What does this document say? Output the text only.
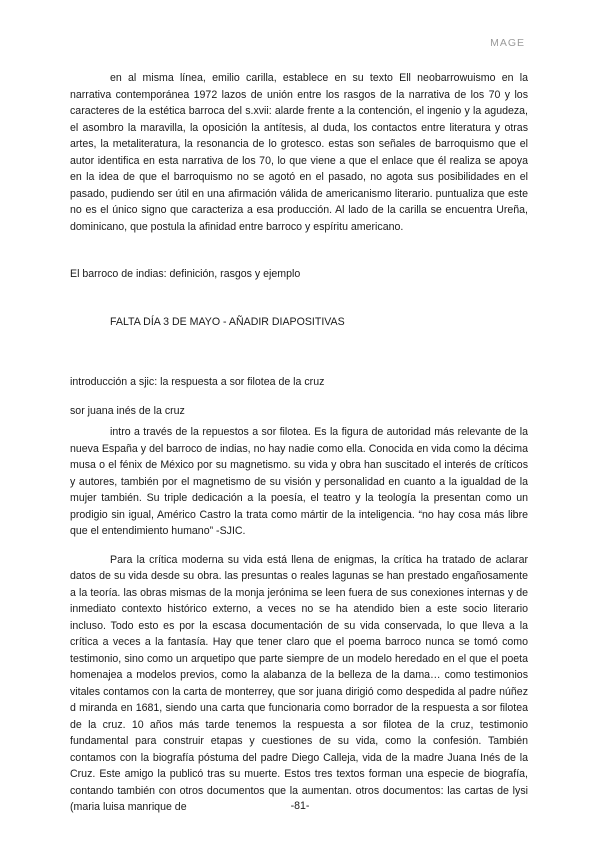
MAGE

en al misma línea, emilio carilla, establece en su texto Ell neobarrowuismo en la narrativa contemporánea 1972 lazos de unión entre los rasgos de la narrativa de los 70 y los caracteres de la estética barroca del s.xvii: alarde frente a la contención, el ingenio y la agudeza, el asombro la maravilla, la oposición la antítesis, al duda, los contactos entre literatura y otras artes, la metaliteratura, la resonancia de lo grotesco. estas son señales de barroquismo que el autor identifica en esta narrativa de los 70, lo que viene a que el enlace que él realiza se apoya en la idea de que el barroquismo no se agotó en el pasado, no agota sus posibilidades en el pasado, pudiendo ser útil en una afirmación válida de americanismo literario. puntualiza que este no es el único signo que caracteriza a esa producción. Al lado de la carilla se encuentra Ureña, dominicano, que postula la afinidad entre barroco y espíritu americano.

El barroco de indias: definición, rasgos y ejemplo

FALTA DÍA 3 DE MAYO - AÑADIR DIAPOSITIVAS

introducción a sjic: la respuesta a sor filotea de la cruz

sor juana inés de la cruz

intro a través de la repuestos a sor filotea. Es la figura de autoridad más relevante de la nueva España y del barroco de indias, no hay nadie como ella. Conocida en vida como la décima musa o el fénix de México por su magnetismo. su vida y obra han suscitado el interés de críticos y autores, también por el magnetismo de su visión y personalidad en cuanto a la igualdad de la mujer también. Su triple dedicación a la poesía, el teatro y la teología la presentan como un prodigio sin igual, Américo Castro la trata como mártir de la inteligencia. “no hay cosa más libre que el entendimiento humano” -SJIC.

Para la crítica moderna su vida está llena de enigmas, la crítica ha tratado de aclarar datos de su vida desde su obra. las presuntas o reales lagunas se han prestado engañosamente a la teoría. las obras mismas de la monja jerónima se leen fuera de sus conexiones internas y de inmediato contexto histórico externo, a veces no se ha atendido bien a este socio literario incluso. Todo esto es por la escasa documentación de su vida conservada, lo que lleva a la crítica a veces a la fantasía. Hay que tener claro que el poema barroco nunca se tomó como testimonio, sino como un arquetipo que parte siempre de un modelo heredado en el que el poeta homenajea a modelos previos, como la alabanza de la belleza de la dama… como testimonios vitales contamos con la carta de monterrey, que sor juana dirigió como despedida al padre núñez d miranda en 1681, siendo una carta que funcionaria como borrador de la respuesta a sor filotea de la cruz. 10 años más tarde tenemos la respuesta a sor filotea de la cruz, testimonio fundamental para construir etapas y cuestiones de su vida, como la confesión. También contamos con la biografía póstuma del padre Diego Calleja, vida de la madre Juana Inés de la Cruz. Este amigo la publicó tras su muerte. Estos tres textos forman una especie de biografía, contando también con otros documentos que la aumentan. otros documentos: las cartas de lysi (maria luisa manrique de	-81-
